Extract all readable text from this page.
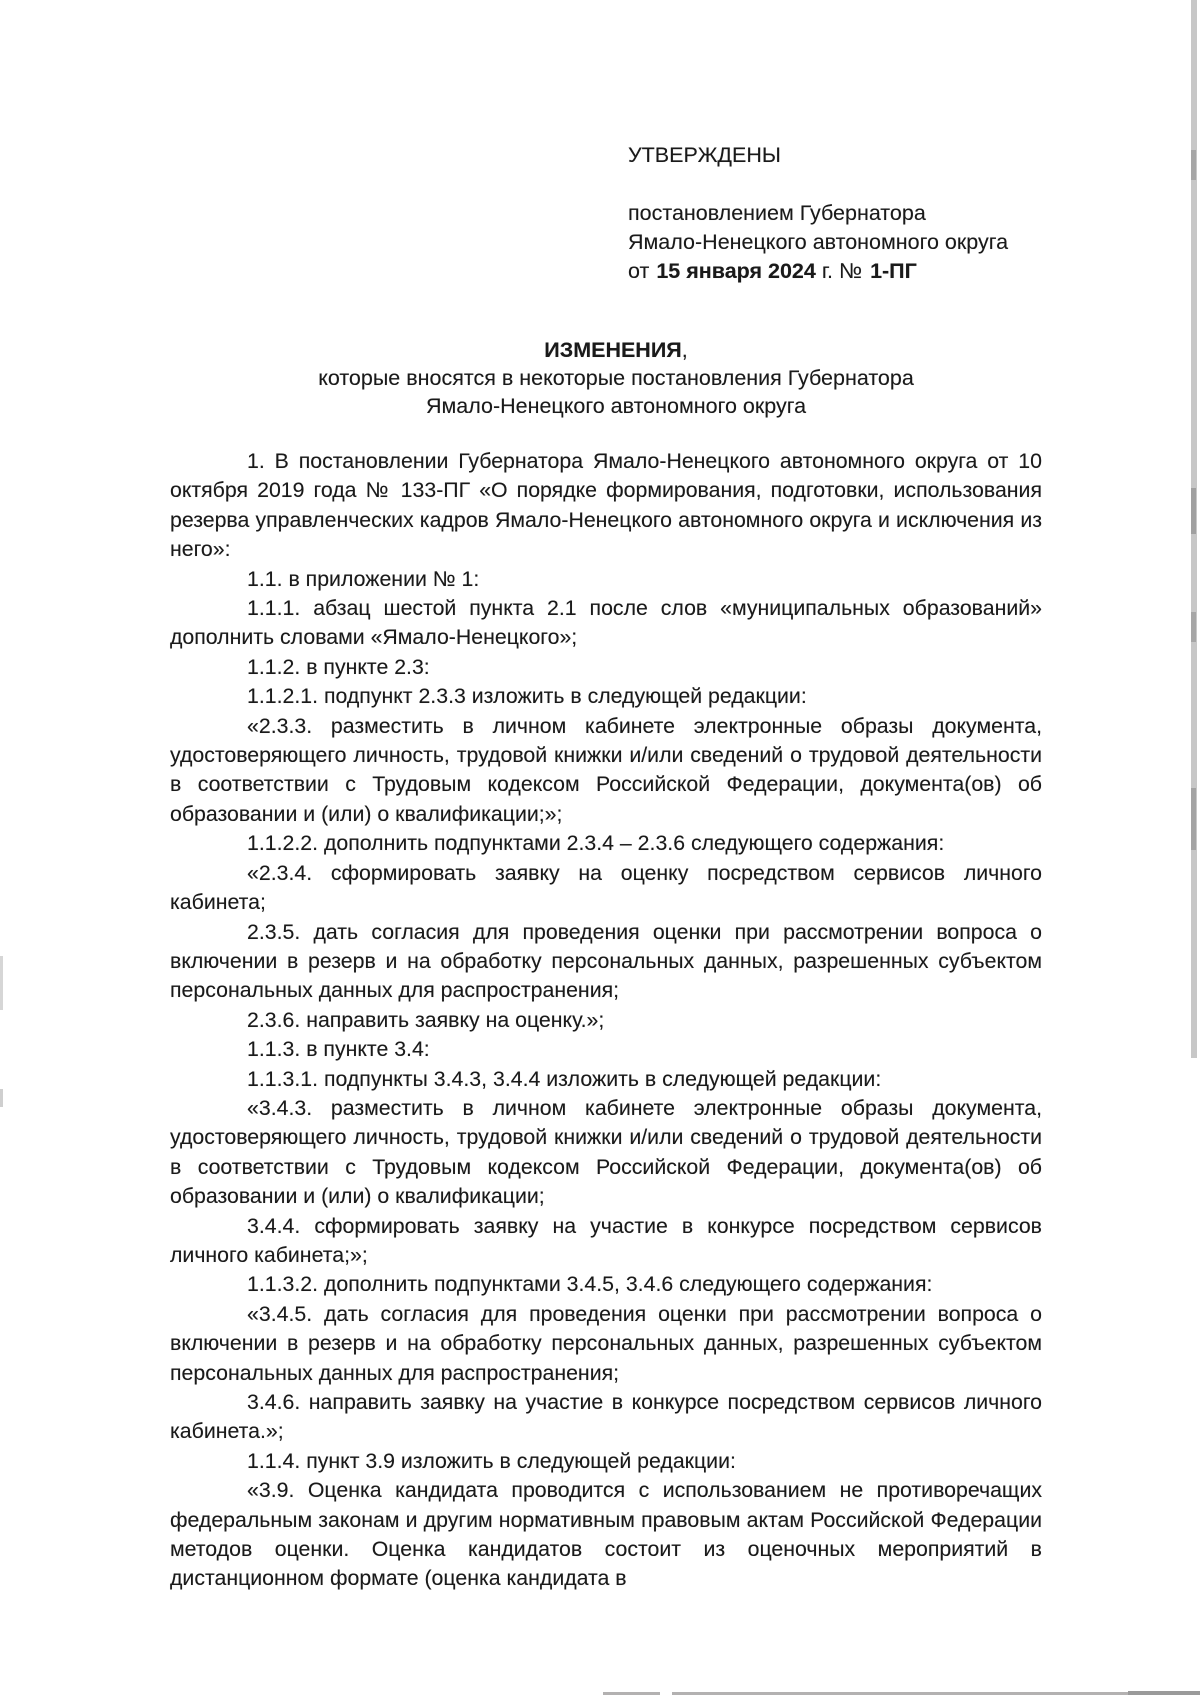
УТВЕРЖДЕНЫ
постановлением Губернатора
Ямало-Ненецкого автономного округа
от 15 января 2024 г. № 1-ПГ
ИЗМЕНЕНИЯ,
которые вносятся в некоторые постановления Губернатора
Ямало-Ненецкого автономного округа

1. В постановлении Губернатора Ямало-Ненецкого автономного округа от 10 октября 2019 года № 133-ПГ «О порядке формирования, подготовки, использования резерва управленческих кадров Ямало-Ненецкого автономного округа и исключения из него»:

1.1. в приложении № 1:

1.1.1. абзац шестой пункта 2.1 после слов «муниципальных образований» дополнить словами «Ямало-Ненецкого»;

1.1.2. в пункте 2.3:

1.1.2.1. подпункт 2.3.3 изложить в следующей редакции:

«2.3.3. разместить в личном кабинете электронные образы документа, удостоверяющего личность, трудовой книжки и/или сведений о трудовой деятельности в соответствии с Трудовым кодексом Российской Федерации, документа(ов) об образовании и (или) о квалификации;»;

1.1.2.2. дополнить подпунктами 2.3.4 – 2.3.6 следующего содержания:

«2.3.4. сформировать заявку на оценку посредством сервисов личного кабинета;

2.3.5. дать согласия для проведения оценки при рассмотрении вопроса о включении в резерв и на обработку персональных данных, разрешенных субъектом персональных данных для распространения;

2.3.6. направить заявку на оценку.»;

1.1.3. в пункте 3.4:

1.1.3.1. подпункты 3.4.3, 3.4.4 изложить в следующей редакции:

«3.4.3. разместить в личном кабинете электронные образы документа, удостоверяющего личность, трудовой книжки и/или сведений о трудовой деятельности в соответствии с Трудовым кодексом Российской Федерации, документа(ов) об образовании и (или) о квалификации;

3.4.4. сформировать заявку на участие в конкурсе посредством сервисов личного кабинета;»;

1.1.3.2. дополнить подпунктами 3.4.5, 3.4.6 следующего содержания:

«3.4.5. дать согласия для проведения оценки при рассмотрении вопроса о включении в резерв и на обработку персональных данных, разрешенных субъектом персональных данных для распространения;

3.4.6. направить заявку на участие в конкурсе посредством сервисов личного кабинета.»;

1.1.4. пункт 3.9 изложить в следующей редакции:

«3.9. Оценка кандидата проводится с использованием не противоречащих федеральным законам и другим нормативным правовым актам Российской Федерации методов оценки. Оценка кандидатов состоит из оценочных мероприятий в дистанционном формате (оценка кандидата в
